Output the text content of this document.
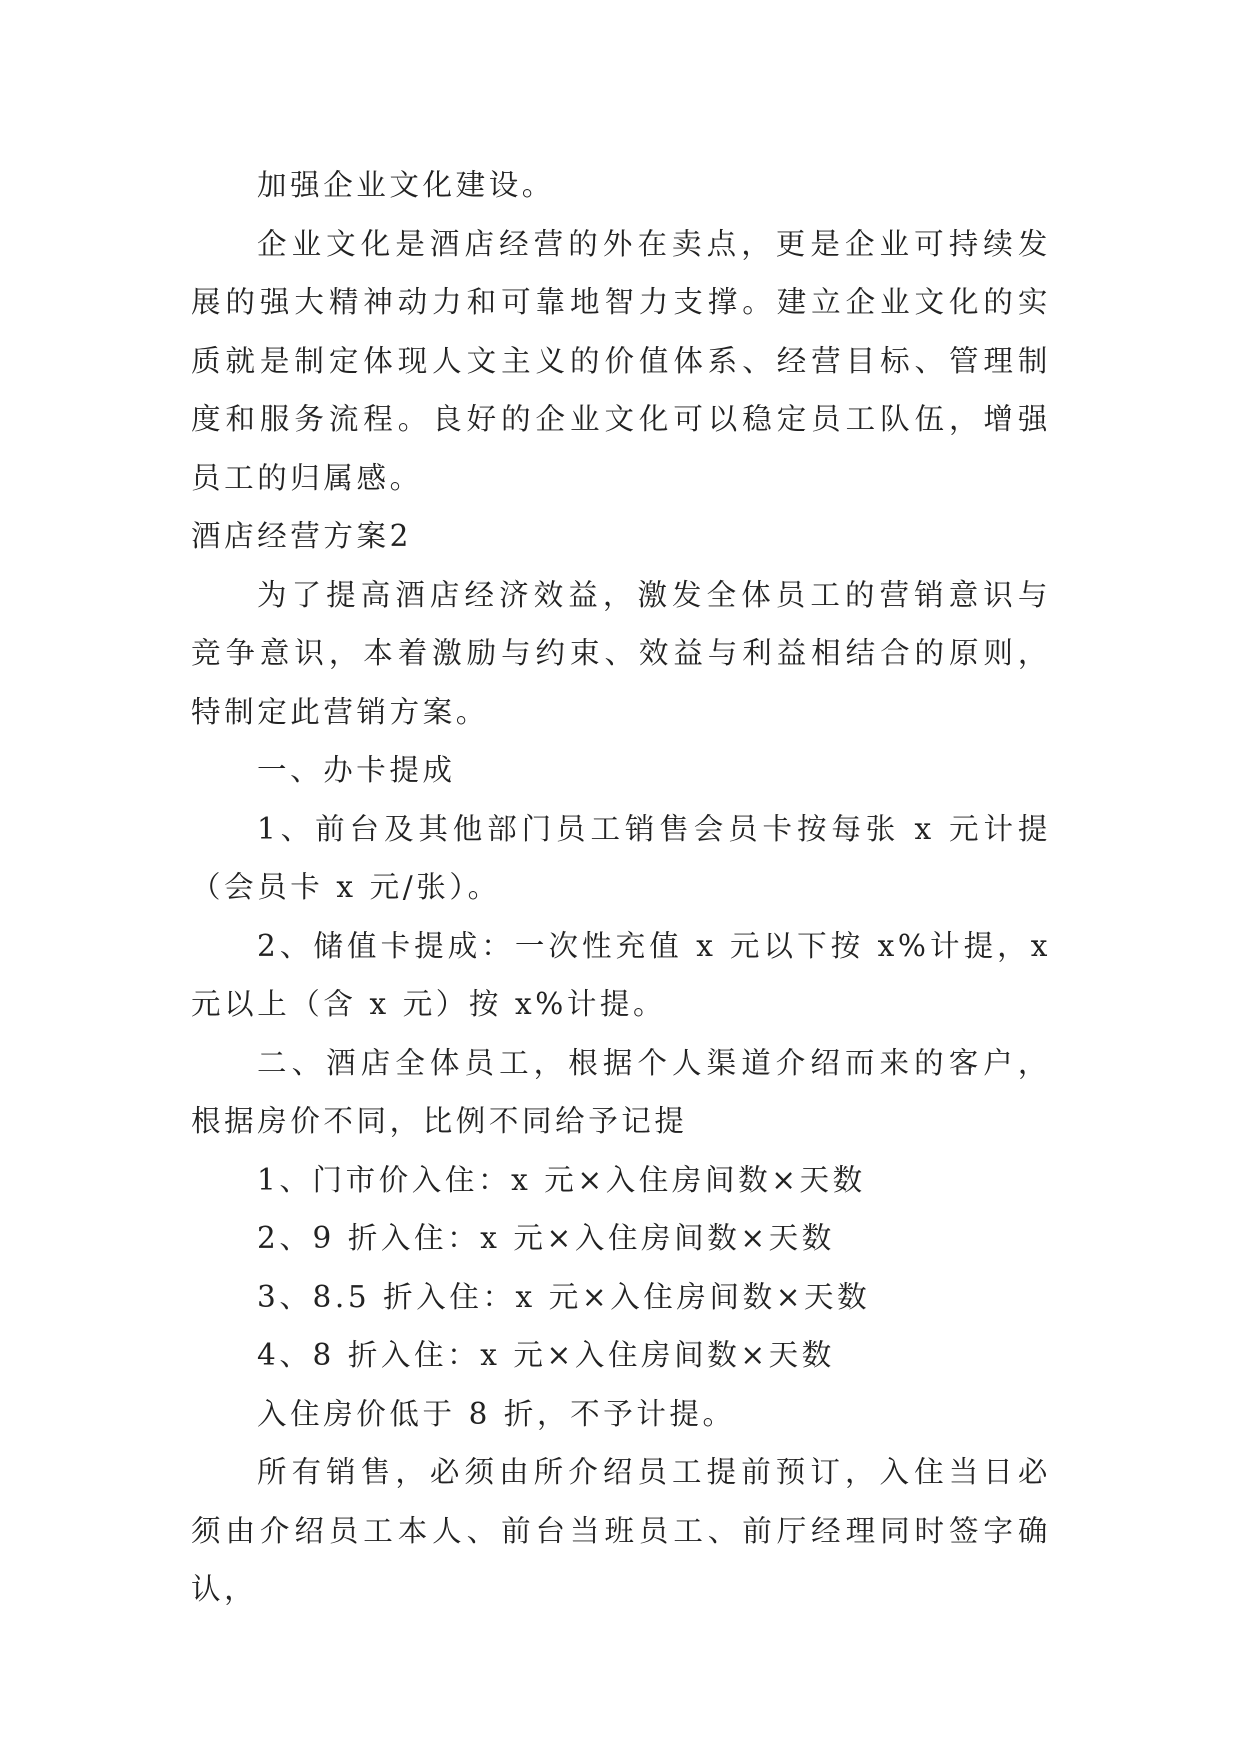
加强企业文化建设。

企业文化是酒店经营的外在卖点，更是企业可持续发展的强大精神动力和可靠地智力支撑。建立企业文化的实质就是制定体现人文主义的价值体系、经营目标、管理制度和服务流程。良好的企业文化可以稳定员工队伍，增强员工的归属感。

酒店经营方案2

为了提高酒店经济效益，激发全体员工的营销意识与竞争意识，本着激励与约束、效益与利益相结合的原则，特制定此营销方案。

一、办卡提成

1、前台及其他部门员工销售会员卡按每张 x 元计提（会员卡 x 元/张）。

2、储值卡提成：一次性充值 x 元以下按 x%计提，x 元以上（含 x 元）按 x%计提。

二、酒店全体员工，根据个人渠道介绍而来的客户，根据房价不同，比例不同给予记提

1、门市价入住：x 元×入住房间数×天数

2、9 折入住：x 元×入住房间数×天数

3、8.5 折入住：x 元×入住房间数×天数

4、8 折入住：x 元×入住房间数×天数

入住房价低于 8 折，不予计提。

所有销售，必须由所介绍员工提前预订，入住当日必须由介绍员工本人、前台当班员工、前厅经理同时签字确认，
